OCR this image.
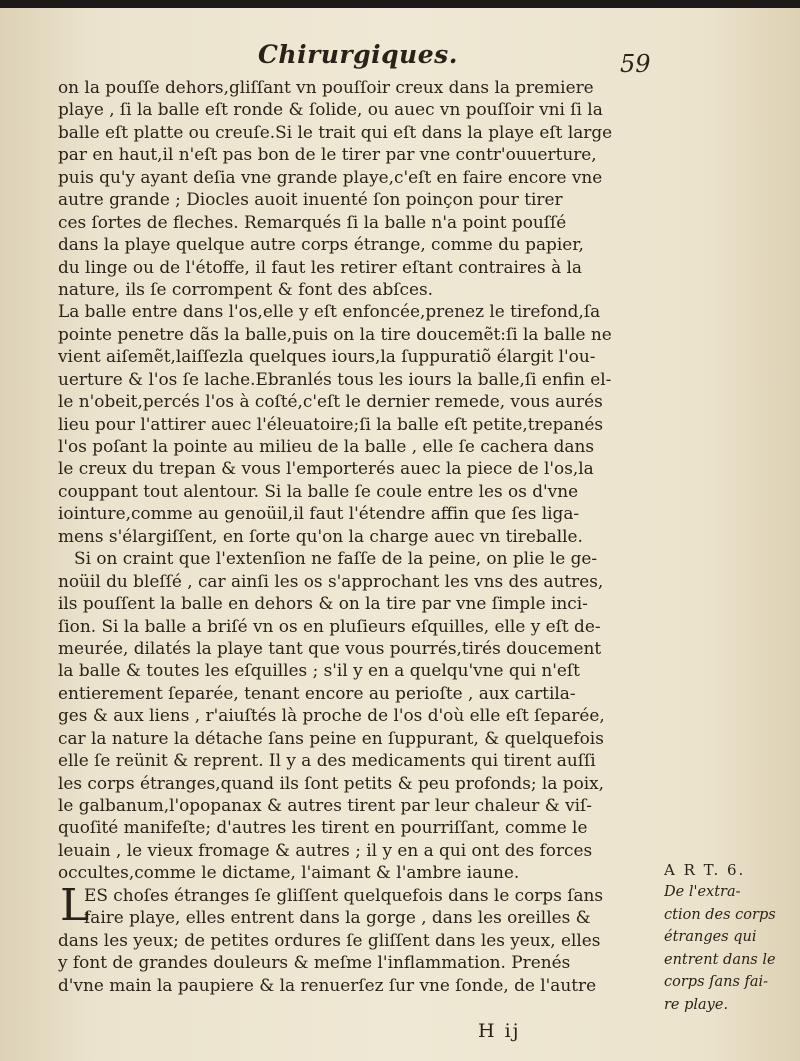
Chirurgiques.	59
on la pouſſe dehors,gliſſant vn pouſſoir creux dans la premiere
playe , ſi la balle eſt ronde & ſolide, ou auec vn pouſſoir vni ſi la
balle eſt platte ou creuſe.Si le trait qui eſt dans la playe eſt large
par en haut,il n'eſt pas bon de le tirer par vne contr'ouuerture,
puis qu'y ayant deſia vne grande playe,c'eſt en faire encore vne
autre grande ; Diocles auoit inuenté ſon poinçon pour tirer
ces ſortes de fleches. Remarqués ſi la balle n'a point pouſſé
dans la playe quelque autre corps étrange, comme du papier,
du linge ou de l'étoffe, il faut les retirer eſtant contraires à la
nature, ils ſe corrompent & font des abſces.
La balle entre dans l'os,elle y eſt enfoncée,prenez le tirefond,ſa
pointe penetre dãs la balle,puis on la tire doucemẽt:ſi la balle ne
vient aiſemẽt,laiſſezla quelques iours,la ſuppuratiõ élargit l'ou-
uerture & l'os ſe lache.Ebranlés tous les iours la balle,ſi enfin el-
le n'obeit,percés l'os à coſté,c'eſt le dernier remede, vous aurés
lieu pour l'attirer auec l'éleuatoire;ſi la balle eſt petite,trepanés
l'os poſant la pointe au milieu de la balle , elle ſe cachera dans
le creux du trepan & vous l'emporterés auec la piece de l'os,la
couppant tout alentour. Si la balle ſe coule entre les os d'vne
iointure,comme au genoüil,il faut l'étendre affin que ſes liga-
mens s'élargiſſent, en ſorte qu'on la charge auec vn tireballe.
Si on craint que l'extenſion ne faſſe de la peine, on plie le ge-
noüil du bleſſé , car ainſi les os s'approchant les vns des autres,
ils pouſſent la balle en dehors & on la tire par vne ſimple inci-
ſion. Si la balle a briſé vn os en pluſieurs eſquilles, elle y eſt de-
meurée, dilatés la playe tant que vous pourrés,tirés doucement
la balle & toutes les eſquilles ; s'il y en a quelqu'vne qui n'eſt
entierement ſeparée, tenant encore au perioſte , aux cartila-
ges & aux liens , r'aiuſtés là proche de l'os d'où elle eſt ſeparée,
car la nature la détache ſans peine en ſuppurant, & quelquefois
elle ſe reünit & reprent. Il y a des medicaments qui tirent auſſi
les corps étranges,quand ils ſont petits & peu profonds; la poix,
le galbanum,l'opopanax & autres tirent par leur chaleur & viſ-
quoſité manifeſte; d'autres les tirent en pourriſſant, comme le
leuain , le vieux fromage & autres ; il y en a qui ont des forces
occultes,comme le dictame, l'aimant & l'ambre iaune.
L
ES choſes étranges ſe gliſſent quelquefois dans le corps ſans
faire playe, elles entrent dans la gorge , dans les oreilles &
dans les yeux; de petites ordures ſe gliſſent dans les yeux, elles
y font de grandes douleurs & meſme l'inflammation. Prenés
d'vne main la paupiere & la renuerſez ſur vne ſonde, de l'autre
A R T. 6.
De l'extra-
ction des corps
étranges qui
entrent dans le
corps ſans fai-
re playe.
H ij
